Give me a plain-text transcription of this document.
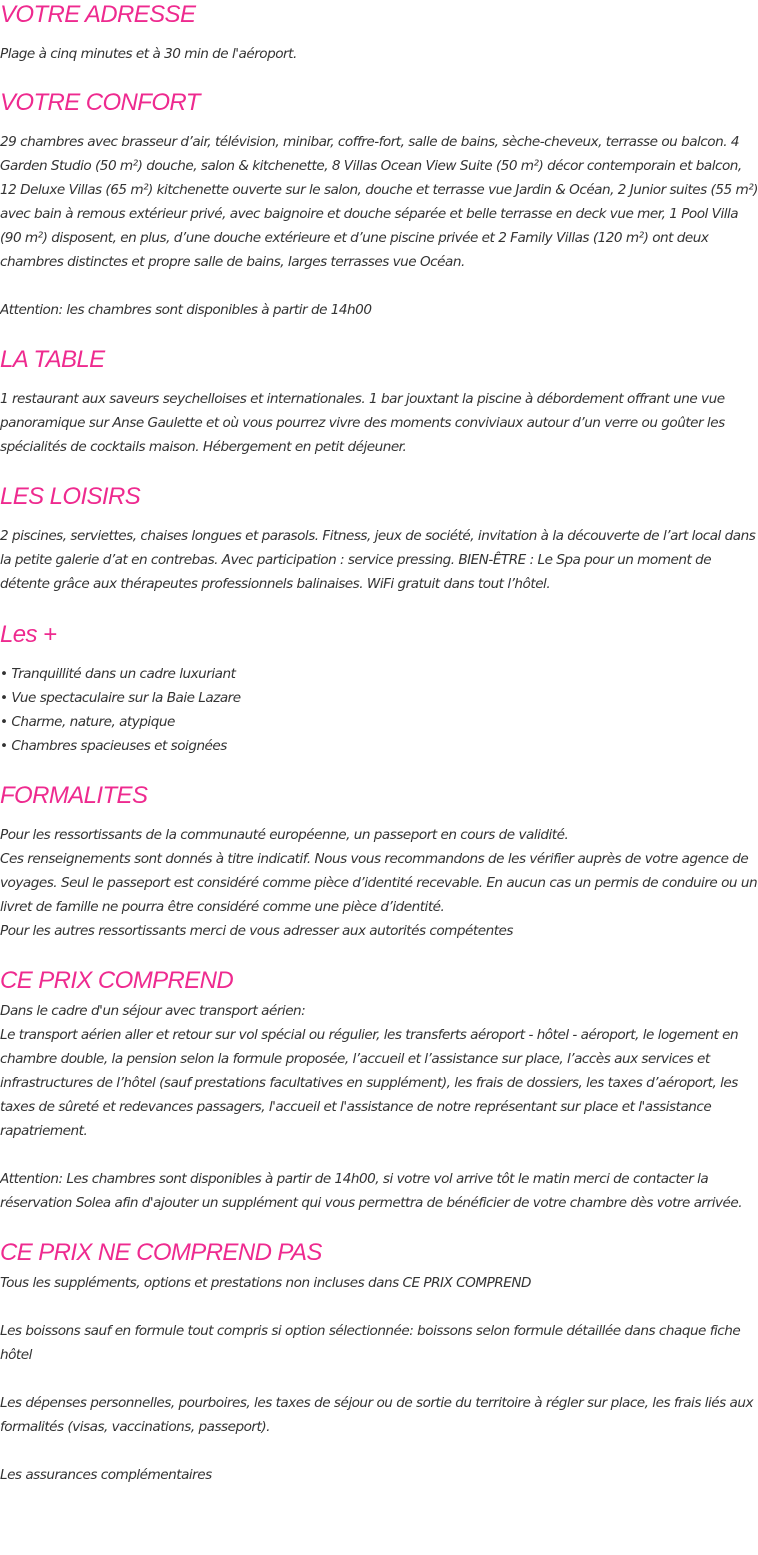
VOTRE ADRESSE

Plage à cinq minutes et à 30 min de l'aéroport.

VOTRE CONFORT

29 chambres avec brasseur d’air, télévision, minibar, coffre-fort, salle de bains, sèche-cheveux, terrasse ou balcon. 4 Garden Studio (50 m²) douche, salon & kitchenette, 8 Villas Ocean View Suite (50 m²) décor contemporain et balcon, 12 Deluxe Villas (65 m²) kitchenette ouverte sur le salon, douche et terrasse vue Jardin & Océan, 2 Junior suites (55 m²) avec bain à remous extérieur privé, avec baignoire et douche séparée et belle terrasse en deck vue mer, 1 Pool Villa (90 m²) disposent, en plus, d’une douche extérieure et d’une piscine privée et 2 Family Villas (120 m²) ont deux chambres distinctes et propre salle de bains, larges terrasses vue Océan.

Attention: les chambres sont disponibles à partir de 14h00

LA TABLE

1 restaurant aux saveurs seychelloises et internationales. 1 bar jouxtant la piscine à débordement offrant une vue panoramique sur Anse Gaulette et où vous pourrez vivre des moments conviviaux autour d’un verre ou goûter les spécialités de cocktails maison. Hébergement en petit déjeuner.

LES LOISIRS

2 piscines, serviettes, chaises longues et parasols. Fitness, jeux de société, invitation à la découverte de l’art local dans la petite galerie d’at en contrebas. Avec participation : service pressing. BIEN-ÊTRE : Le Spa pour un moment de détente grâce aux thérapeutes professionnels balinaises. WiFi gratuit dans tout l’hôtel.

Les +

• Tranquillité dans un cadre luxuriant

• Vue spectaculaire sur la Baie Lazare

• Charme, nature, atypique

• Chambres spacieuses et soignées

FORMALITES

Pour les ressortissants de la communauté européenne, un passeport en cours de validité.

Ces renseignements sont donnés à titre indicatif. Nous vous recommandons de les vérifier auprès de votre agence de voyages. Seul le passeport est considéré comme pièce d’identité recevable. En aucun cas un permis de conduire ou un livret de famille ne pourra être considéré comme une pièce d’identité.

Pour les autres ressortissants merci de vous adresser aux autorités compétentes

CE PRIX COMPREND

Dans le cadre d'un séjour avec transport aérien:

Le transport aérien aller et retour sur vol spécial ou régulier, les transferts aéroport - hôtel - aéroport, le logement en chambre double, la pension selon la formule proposée, l’accueil et l’assistance sur place, l’accès aux services et infrastructures de l’hôtel (sauf prestations facultatives en supplément), les frais de dossiers, les taxes d’aéroport, les taxes de sûreté et redevances passagers, l'accueil et l'assistance de notre représentant sur place et l'assistance rapatriement.

Attention: Les chambres sont disponibles à partir de 14h00, si votre vol arrive tôt le matin merci de contacter la réservation Solea afin d'ajouter un supplément qui vous permettra de bénéficier de votre chambre dès votre arrivée.

CE PRIX NE COMPREND PAS

Tous les suppléments, options et prestations non incluses dans CE PRIX COMPREND

Les boissons sauf en formule tout compris si option sélectionnée: boissons selon formule détaillée dans chaque fiche hôtel

Les dépenses personnelles, pourboires, les taxes de séjour ou de sortie du territoire à régler sur place, les frais liés aux formalités (visas, vaccinations, passeport).

Les assurances complémentaires
